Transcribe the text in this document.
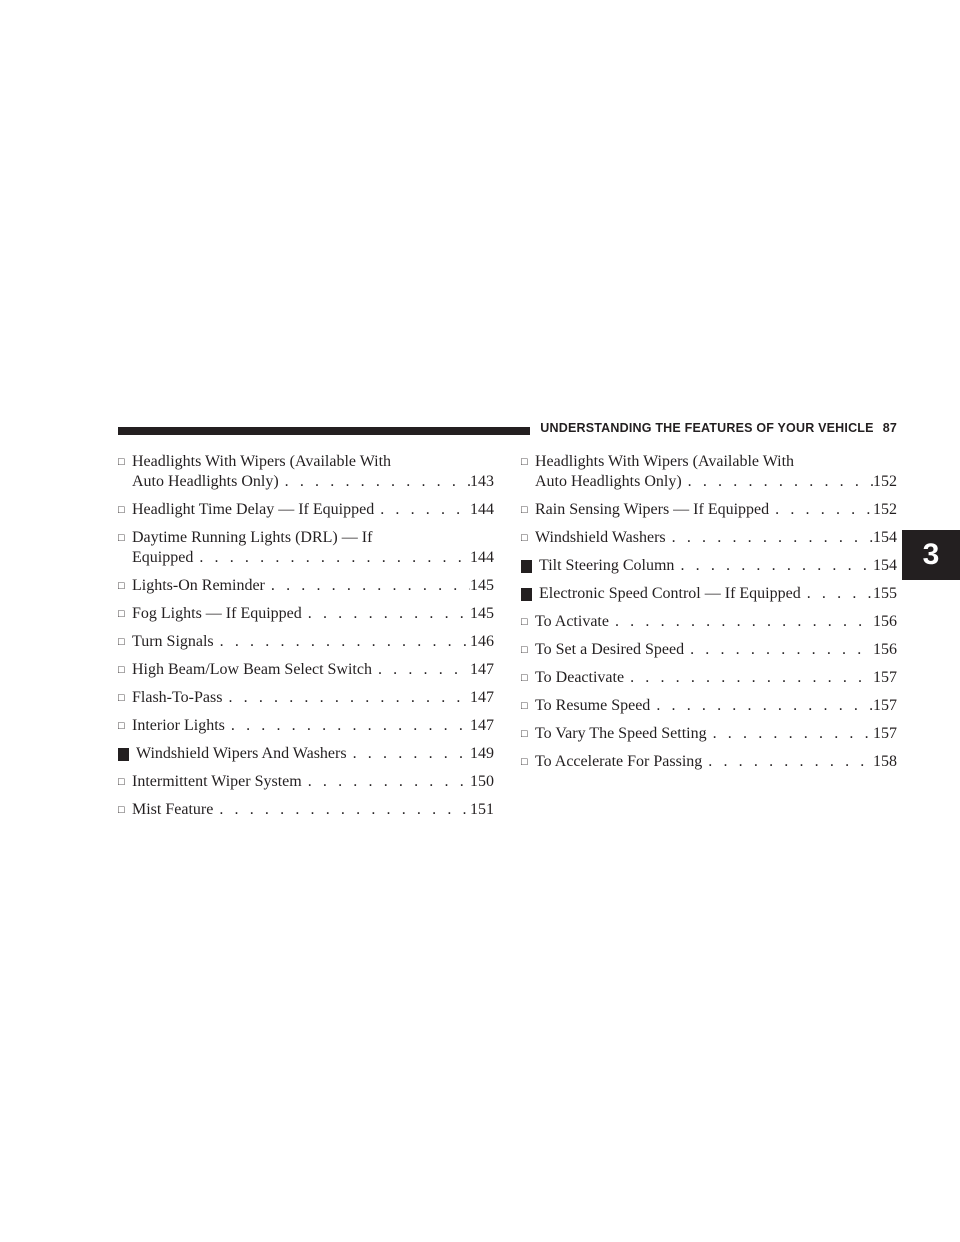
UNDERSTANDING THE FEATURES OF YOUR VEHICLE 87
3
□ Headlights With Wipers (Available With
Auto Headlights Only) . . .	143
□ Headlight Time Delay — If Equipped . . .	144
□ Daytime Running Lights (DRL) — If
Equipped . . .	144
□ Lights-On Reminder . . .	145
□ Fog Lights — If Equipped . . .	145
□ Turn Signals . . .	146
□ High Beam/Low Beam Select Switch . . .	147
□ Flash-To-Pass . . .	147
□ Interior Lights . . .	147
Windshield Wipers And Washers . . .	149
□ Intermittent Wiper System . . .	150
□ Mist Feature . . .	151
□ Headlights With Wipers (Available With
Auto Headlights Only) . . .	152
□ Rain Sensing Wipers — If Equipped . . .	152
□ Windshield Washers . . .	154
Tilt Steering Column . . .	154
Electronic Speed Control — If Equipped . . .	155
□ To Activate . . .	156
□ To Set a Desired Speed . . .	156
□ To Deactivate . . .	157
□ To Resume Speed . . .	157
□ To Vary The Speed Setting . . .	157
□ To Accelerate For Passing . . .	158
